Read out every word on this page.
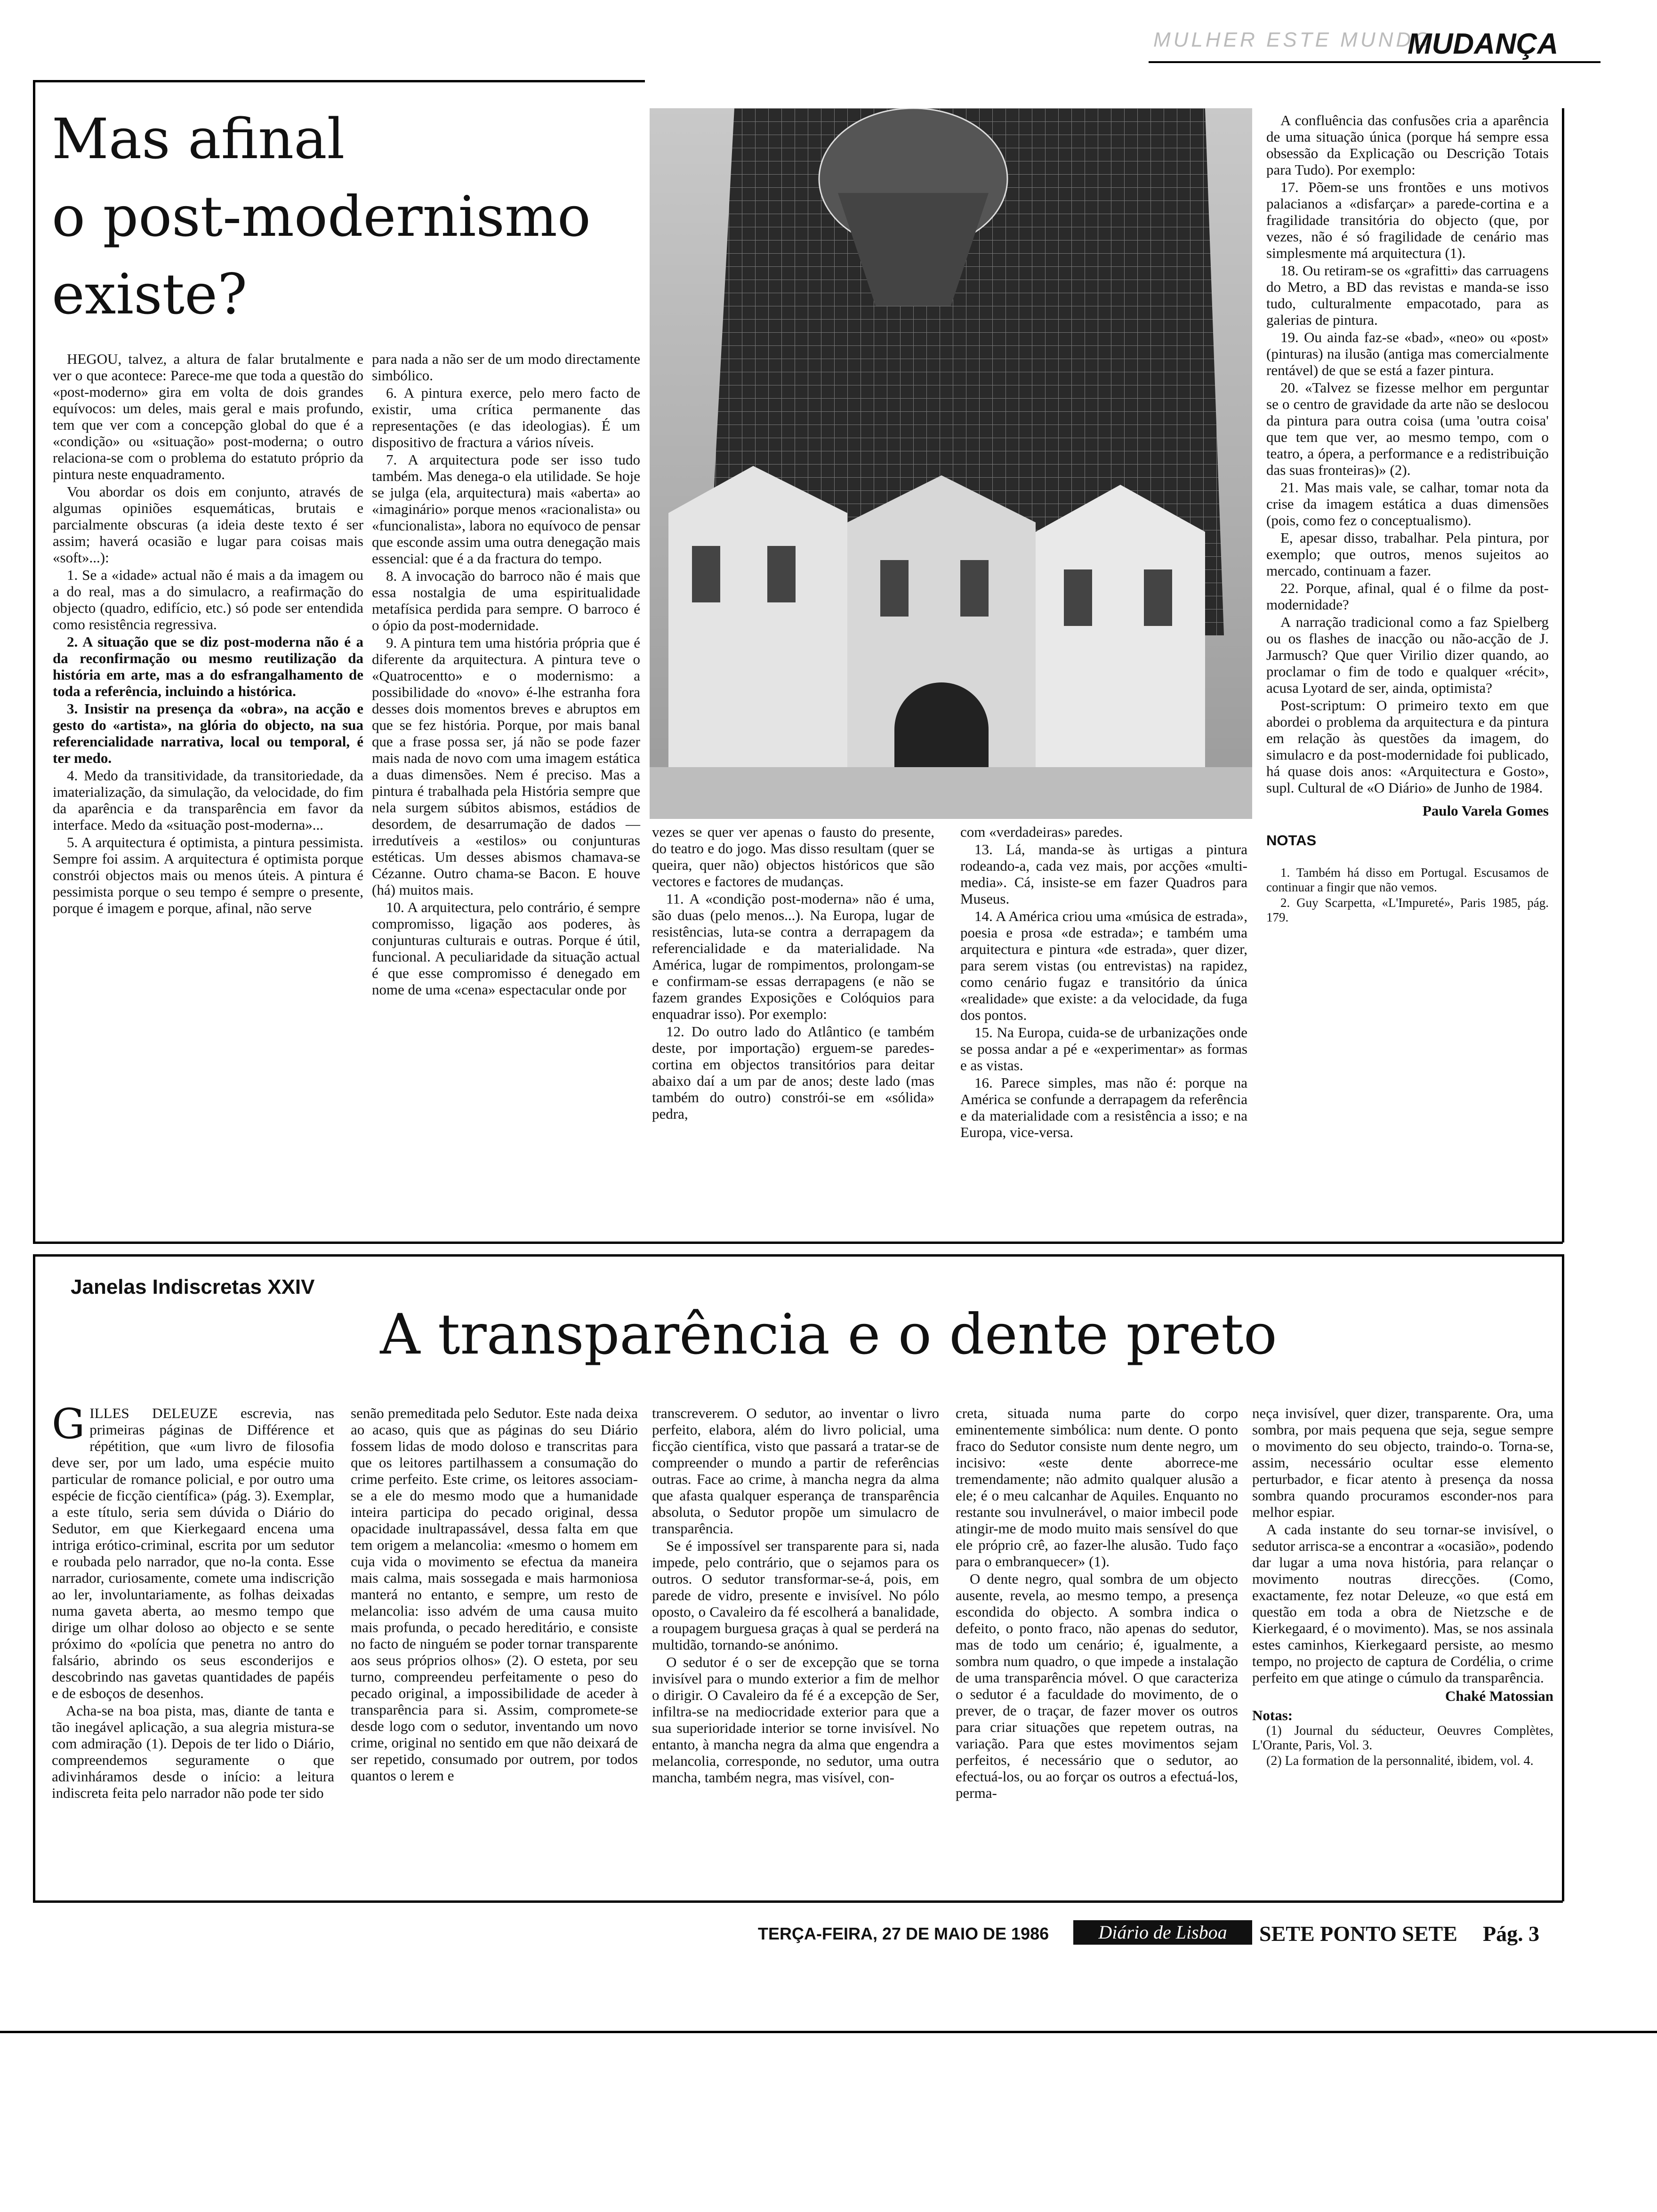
MULHER ESTE MUNDO
MUDANÇA
Mas afinal
o post-modernismo
existe?

HEGOU, talvez, a altura de falar brutalmente e ver o que acontece: Parece-me que toda a questão do «post-moderno» gira em volta de dois grandes equívocos: um deles, mais geral e mais profundo, tem que ver com a concepção global do que é a «condição» ou «situação» post-moderna; o outro relaciona-se com o problema do estatuto próprio da pintura neste enquadramento.

Vou abordar os dois em conjunto, através de algumas opiniões esquemáticas, brutais e parcialmente obscuras (a ideia deste texto é ser assim; haverá ocasião e lugar para coisas mais «soft»...):

1. Se a «idade» actual não é mais a da imagem ou a do real, mas a do simulacro, a reafirmação do objecto (quadro, edifício, etc.) só pode ser entendida como resistência regressiva.

2. A situação que se diz post-moderna não é a da reconfirmação ou mesmo reutilização da história em arte, mas a do esfrangalhamento de toda a referência, incluindo a histórica.

3. Insistir na presença da «obra», na acção e gesto do «artista», na glória do objecto, na sua referencialidade narrativa, local ou temporal, é ter medo.

4. Medo da transitividade, da transitoriedade, da imaterialização, da simulação, da velocidade, do fim da aparência e da transparência em favor da interface. Medo da «situação post-moderna»...

5. A arquitectura é optimista, a pintura pessimista. Sempre foi assim. A arquitectura é optimista porque constrói objectos mais ou menos úteis. A pintura é pessimista porque o seu tempo é sempre o presente, porque é imagem e porque, afinal, não serve

para nada a não ser de um modo directamente simbólico.

6. A pintura exerce, pelo mero facto de existir, uma crítica permanente das representações (e das ideologias). É um dispositivo de fractura a vários níveis.

7. A arquitectura pode ser isso tudo também. Mas denega-o ela utilidade. Se hoje se julga (ela, arquitectura) mais «aberta» ao «imaginário» porque menos «racionalista» ou «funcionalista», labora no equívoco de pensar que esconde assim uma outra denegação mais essencial: que é a da fractura do tempo.

8. A invocação do barroco não é mais que essa nostalgia de uma espiritualidade metafísica perdida para sempre. O barroco é o ópio da post-modernidade.

9. A pintura tem uma história própria que é diferente da arquitectura. A pintura teve o «Quatrocentto» e o modernismo: a possibilidade do «novo» é-lhe estranha fora desses dois momentos breves e abruptos em que se fez história. Porque, por mais banal que a frase possa ser, já não se pode fazer mais nada de novo com uma imagem estática a duas dimensões. Nem é preciso. Mas a pintura é trabalhada pela História sempre que nela surgem súbitos abismos, estádios de desordem, de desarrumação de dados — irredutíveis a «estilos» ou conjunturas estéticas. Um desses abismos chamava-se Cézanne. Outro chama-se Bacon. E houve (há) muitos mais.

10. A arquitectura, pelo contrário, é sempre compromisso, ligação aos poderes, às conjunturas culturais e outras. Porque é útil, funcional. A peculiaridade da situação actual é que esse compromisso é denegado em nome de uma «cena» espectacular onde por

vezes se quer ver apenas o fausto do presente, do teatro e do jogo. Mas disso resultam (quer se queira, quer não) objectos históricos que são vectores e factores de mudanças.

11. A «condição post-moderna» não é uma, são duas (pelo menos...). Na Europa, lugar de resistências, luta-se contra a derrapagem da referencialidade e da materialidade. Na América, lugar de rompimentos, prolongam-se e confirmam-se essas derrapagens (e não se fazem grandes Exposições e Colóquios para enquadrar isso). Por exemplo:

12. Do outro lado do Atlântico (e também deste, por importação) erguem-se paredes-cortina em objectos transitórios para deitar abaixo daí a um par de anos; deste lado (mas também do outro) constrói-se em «sólida» pedra,

com «verdadeiras» paredes.

13. Lá, manda-se às urtigas a pintura rodeando-a, cada vez mais, por acções «multi-media». Cá, insiste-se em fazer Quadros para Museus.

14. A América criou uma «música de estrada», poesia e prosa «de estrada»; e também uma arquitectura e pintura «de estrada», quer dizer, para serem vistas (ou entrevistas) na rapidez, como cenário fugaz e transitório da única «realidade» que existe: a da velocidade, da fuga dos pontos.

15. Na Europa, cuida-se de urbanizações onde se possa andar a pé e «experimentar» as formas e as vistas.

16. Parece simples, mas não é: porque na América se confunde a derrapagem da referência e da materialidade com a resistência a isso; e na Europa, vice-versa.

A confluência das confusões cria a aparência de uma situação única (porque há sempre essa obsessão da Explicação ou Descrição Totais para Tudo). Por exemplo:

17. Põem-se uns frontões e uns motivos palacianos a «disfarçar» a parede-cortina e a fragilidade transitória do objecto (que, por vezes, não é só fragilidade de cenário mas simplesmente má arquitectura (1).

18. Ou retiram-se os «grafitti» das carruagens do Metro, a BD das revistas e manda-se isso tudo, culturalmente empacotado, para as galerias de pintura.

19. Ou ainda faz-se «bad», «neo» ou «post» (pinturas) na ilusão (antiga mas comercialmente rentável) de que se está a fazer pintura.

20. «Talvez se fizesse melhor em perguntar se o centro de gravidade da arte não se deslocou da pintura para outra coisa (uma 'outra coisa' que tem que ver, ao mesmo tempo, com o teatro, a ópera, a performance e a redistribuição das suas fronteiras)» (2).

21. Mas mais vale, se calhar, tomar nota da crise da imagem estática a duas dimensões (pois, como fez o conceptualismo).

E, apesar disso, trabalhar. Pela pintura, por exemplo; que outros, menos sujeitos ao mercado, continuam a fazer.

22. Porque, afinal, qual é o filme da post-modernidade?

A narração tradicional como a faz Spielberg ou os flashes de inacção ou não-acção de J. Jarmusch? Que quer Virilio dizer quando, ao proclamar o fim de todo e qualquer «récit», acusa Lyotard de ser, ainda, optimista?

Post-scriptum: O primeiro texto em que abordei o problema da arquitectura e da pintura em relação às questões da imagem, do simulacro e da post-modernidade foi publicado, há quase dois anos: «Arquitectura e Gosto», supl. Cultural de «O Diário» de Junho de 1984.

Paulo Varela Gomes
NOTAS

1. Também há disso em Portugal. Escusamos de continuar a fingir que não vemos.

2. Guy Scarpetta, «L'Impureté», Paris 1985, pág. 179.

Janelas Indiscretas XXIV
A transparência e o dente preto

GILLES DELEUZE escrevia, nas primeiras páginas de Différence et répétition, que «um livro de filosofia deve ser, por um lado, uma espécie muito particular de romance policial, e por outro uma espécie de ficção científica» (pág. 3). Exemplar, a este título, seria sem dúvida o Diário do Sedutor, em que Kierkegaard encena uma intriga erótico-criminal, escrita por um sedutor e roubada pelo narrador, que no-la conta. Esse narrador, curiosamente, comete uma indiscrição ao ler, involuntariamente, as folhas deixadas numa gaveta aberta, ao mesmo tempo que dirige um olhar doloso ao objecto e se sente próximo do «polícia que penetra no antro do falsário, abrindo os seus esconderijos e descobrindo nas gavetas quantidades de papéis e de esboços de desenhos.

Acha-se na boa pista, mas, diante de tanta e tão inegável aplicação, a sua alegria mistura-se com admiração (1). Depois de ter lido o Diário, compreendemos seguramente o que adivinháramos desde o início: a leitura indiscreta feita pelo narrador não pode ter sido

senão premeditada pelo Sedutor. Este nada deixa ao acaso, quis que as páginas do seu Diário fossem lidas de modo doloso e transcritas para que os leitores partilhassem a consumação do crime perfeito. Este crime, os leitores associam-se a ele do mesmo modo que a humanidade inteira participa do pecado original, dessa opacidade inultrapassável, dessa falta em que tem origem a melancolia: «mesmo o homem em cuja vida o movimento se efectua da maneira mais calma, mais sossegada e mais harmoniosa manterá no entanto, e sempre, um resto de melancolia: isso advém de uma causa muito mais profunda, o pecado hereditário, e consiste no facto de ninguém se poder tornar transparente aos seus próprios olhos» (2). O esteta, por seu turno, compreendeu perfeitamente o peso do pecado original, a impossibilidade de aceder à transparência para si. Assim, compromete-se desde logo com o sedutor, inventando um novo crime, original no sentido em que não deixará de ser repetido, consumado por outrem, por todos quantos o lerem e

transcreverem. O sedutor, ao inventar o livro perfeito, elabora, além do livro policial, uma ficção científica, visto que passará a tratar-se de compreender o mundo a partir de referências outras. Face ao crime, à mancha negra da alma que afasta qualquer esperança de transparência absoluta, o Sedutor propõe um simulacro de transparência.

Se é impossível ser transparente para si, nada impede, pelo contrário, que o sejamos para os outros. O sedutor transformar-se-á, pois, em parede de vidro, presente e invisível. No pólo oposto, o Cavaleiro da fé escolherá a banalidade, a roupagem burguesa graças à qual se perderá na multidão, tornando-se anónimo.

O sedutor é o ser de excepção que se torna invisível para o mundo exterior a fim de melhor o dirigir. O Cavaleiro da fé é a excepção de Ser, infiltra-se na mediocridade exterior para que a sua superioridade interior se torne invisível. No entanto, à mancha negra da alma que engendra a melancolia, corresponde, no sedutor, uma outra mancha, também negra, mas visível, con-

creta, situada numa parte do corpo eminentemente simbólica: num dente. O ponto fraco do Sedutor consiste num dente negro, um incisivo: «este dente aborrece-me tremendamente; não admito qualquer alusão a ele; é o meu calcanhar de Aquiles. Enquanto no restante sou invulnerável, o maior imbecil pode atingir-me de modo muito mais sensível do que ele próprio crê, ao fazer-lhe alusão. Tudo faço para o embranquecer» (1).

O dente negro, qual sombra de um objecto ausente, revela, ao mesmo tempo, a presença escondida do objecto. A sombra indica o defeito, o ponto fraco, não apenas do sedutor, mas de todo um cenário; é, igualmente, a sombra num quadro, o que impede a instalação de uma transparência móvel. O que caracteriza o sedutor é a faculdade do movimento, de o prever, de o traçar, de fazer mover os outros para criar situações que repetem outras, na variação. Para que estes movimentos sejam perfeitos, é necessário que o sedutor, ao efectuá-los, ou ao forçar os outros a efectuá-los, perma-

neça invisível, quer dizer, transparente. Ora, uma sombra, por mais pequena que seja, segue sempre o movimento do seu objecto, traindo-o. Torna-se, assim, necessário ocultar esse elemento perturbador, e ficar atento à presença da nossa sombra quando procuramos esconder-nos para melhor espiar.

A cada instante do seu tornar-se invisível, o sedutor arrisca-se a encontrar a «ocasião», podendo dar lugar a uma nova história, para relançar o movimento noutras direcções. (Como, exactamente, fez notar Deleuze, «o que está em questão em toda a obra de Nietzsche e de Kierkegaard, é o movimento). Mas, se nos assinala estes caminhos, Kierkegaard persiste, ao mesmo tempo, no projecto de captura de Cordélia, o crime perfeito em que atinge o cúmulo da transparência.

Chaké Matossian
Notas:

(1) Journal du séducteur, Oeuvres Complètes, L'Orante, Paris, Vol. 3.

(2) La formation de la personnalité, ibidem, vol. 4.

TERÇA-FEIRA, 27 DE MAIO DE 1986	Diário de Lisboa	SETE PONTO SETE Pág. 3
